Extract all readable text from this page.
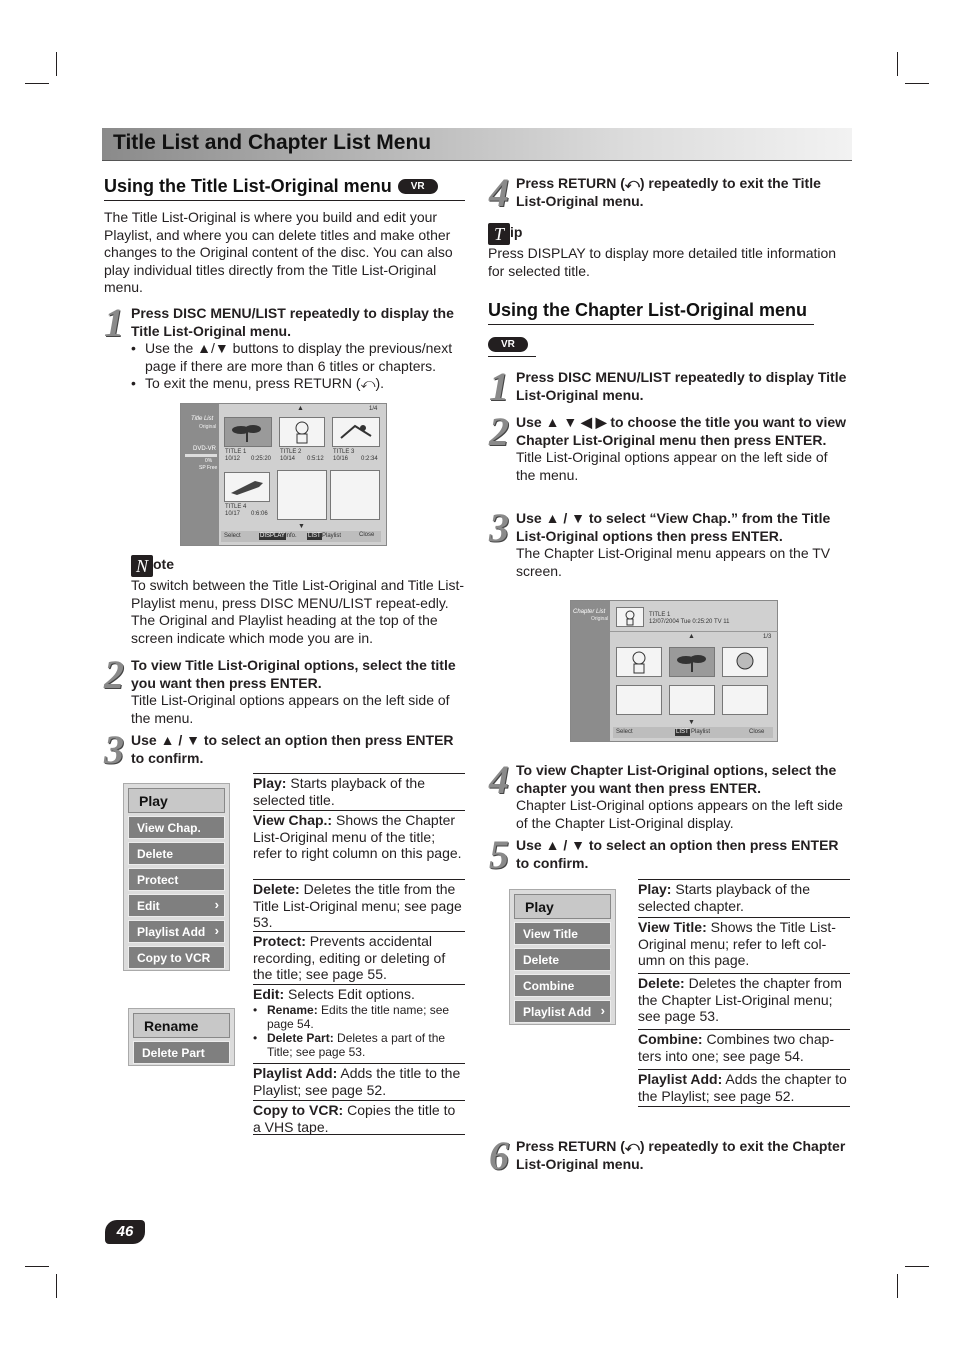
Title List and Chapter List Menu
Using the Title List-Original menu VR
The Title List-Original is where you build and edit your Playlist, and where you can delete titles and make other changes to the Original content of the disc. You can also play individual titles directly from the Title List-Original menu.
1 Press DISC MENU/LIST repeatedly to display the Title List-Original menu.
• Use the ▲/▼ buttons to display the previous/next page if there are more than 6 titles or chapters.
• To exit the menu, press RETURN (⤺).
Title List
Original
DVD-VR
0%
SP Free
▲	1/4
TITLE 1
10/12 0:25:20
TITLE 2
10/14 0:5:12
TITLE 3
10/16 0:2:34
TITLE 4
10/17 0:6:06
▼
Select	DISPLAY Info. LIST Playlist	Close
N ote
To switch between the Title List-Original and Title List-Playlist menu, press DISC MENU/LIST repeat-edly. The Original and Playlist heading at the top of the screen indicate which mode you are in.
2 To view Title List-Original options, select the title you want then press ENTER.
Title List-Original options appears on the left side of the menu.
3 Use ▲ / ▼ to select an option then press ENTER to confirm.
Play
View Chap.
Delete
Protect
Edit	›
Playlist Add ›
Copy to VCR
Rename
Delete Part
Play: Starts playback of the selected title.
View Chap.: Shows the Chapter List-Original menu of the title; refer to right column on this page.
Delete: Deletes the title from the Title List-Original menu; see page 53.
Protect: Prevents accidental recording, editing or deleting of the title; see page 55.
Edit: Selects Edit options.
• Rename: Edits the title name; see page 54.
• Delete Part: Deletes a part of the Title; see page 53.
Playlist Add: Adds the title to the Playlist; see page 52.
Copy to VCR: Copies the title to a VHS tape.
4 Press RETURN (⤺) repeatedly to exit the Title List-Original menu.
T ip
Press DISPLAY to display more detailed title information for selected title.
Using the Chapter List-Original menu
VR
1 Press DISC MENU/LIST repeatedly to display Title List-Original menu.
2 Use ▲ ▼ ◀ ▶ to choose the title you want to view Chapter List-Original menu then press ENTER.
Title List-Original options appear on the left side of the menu.
3 Use ▲ / ▼ to select “View Chap.” from the Title List-Original options then press ENTER.
The Chapter List-Original menu appears on the TV screen.
Chapter List
Original
TITLE 1
12/07/2004 Tue 0:25:20 TV 11
▲	1/3
▼
Select	LIST Playlist	Close
4 To view Chapter List-Original options, select the chapter you want then press ENTER.
Chapter List-Original options appears on the left side of the Chapter List-Original display.
5 Use ▲ / ▼ to select an option then press ENTER to confirm.
Play
View Title
Delete
Combine
Playlist Add ›
Play: Starts playback of the selected chapter.
View Title: Shows the Title List-Original menu; refer to left col-umn on this page.
Delete: Deletes the chapter from the Chapter List-Original menu; see page 53.
Combine: Combines two chap-ters into one; see page 54.
Playlist Add: Adds the chapter to the Playlist; see page 52.
6 Press RETURN (⤺) repeatedly to exit the Chapter List-Original menu.
46
